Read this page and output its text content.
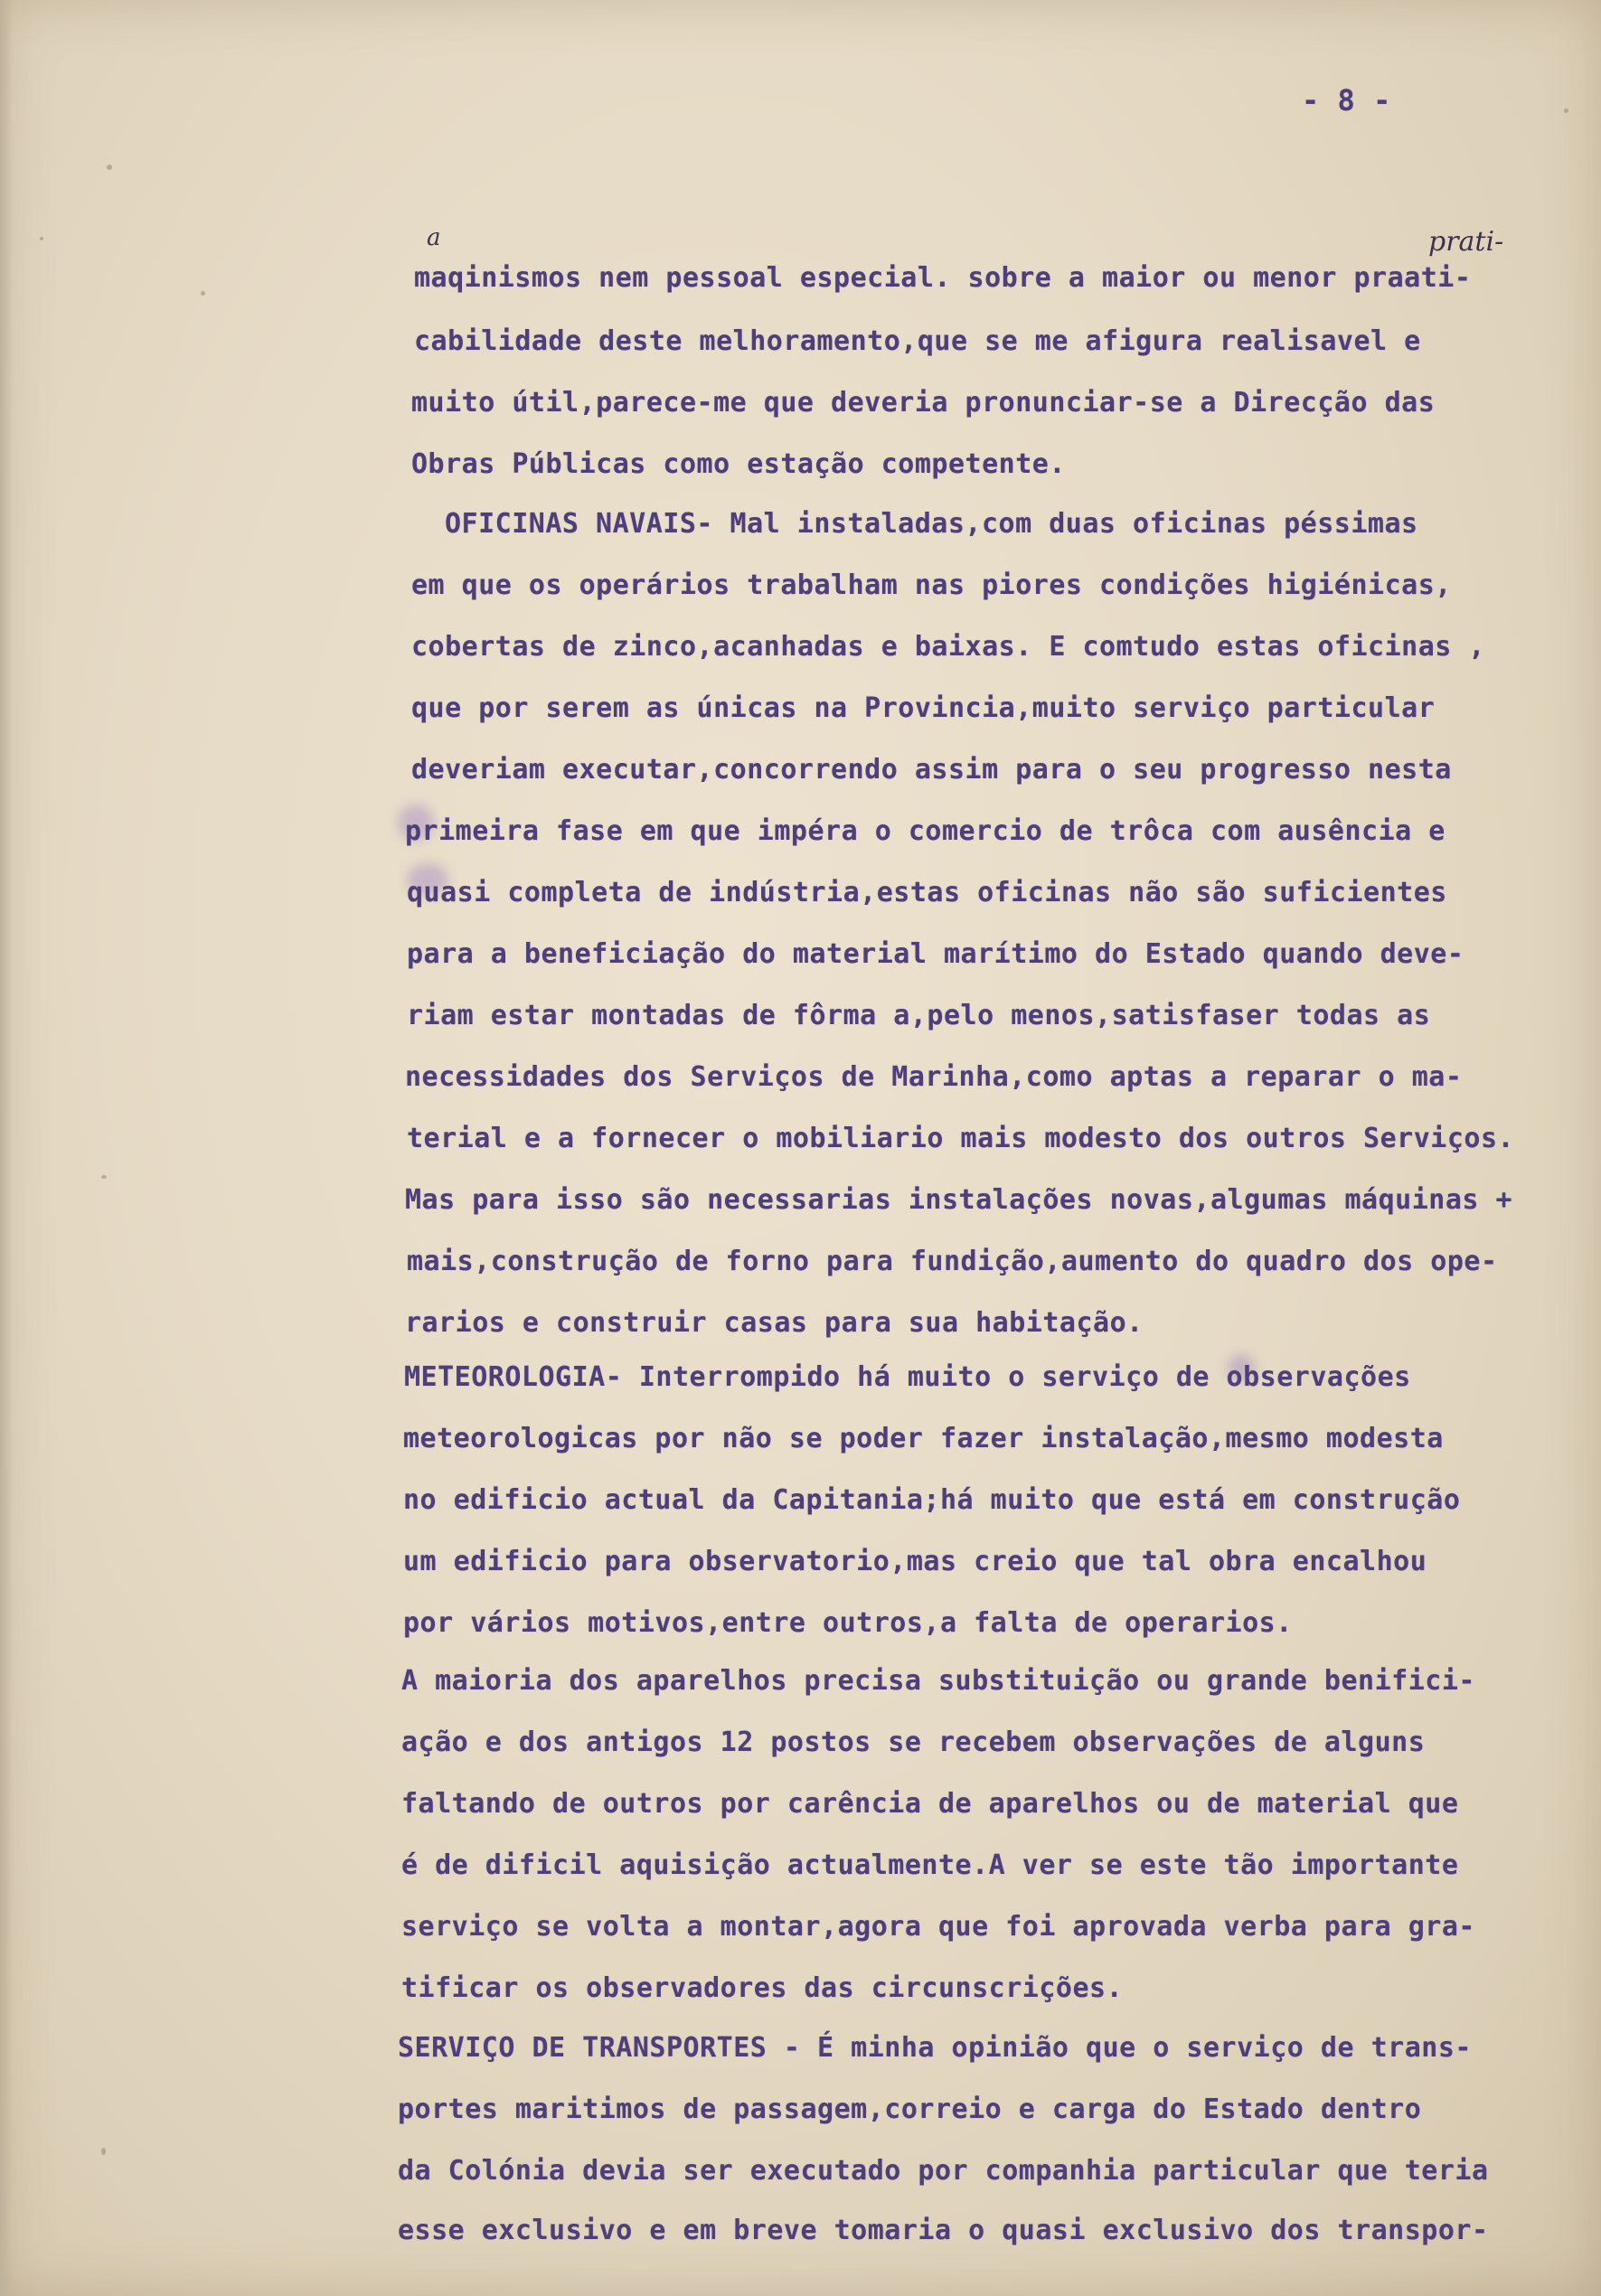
- 8 -
a	prati-
maqinismos nem pessoal especial. sobre a maior ou menor praati-
cabilidade deste melhoramento,que se me afigura realisavel e
muito útil,parece-me que deveria pronunciar-se a Direcção das
Obras Públicas como estação competente.
OFICINAS NAVAIS- Mal instaladas,com duas oficinas péssimas
em que os operários trabalham nas piores condições higiénicas,
cobertas de zinco,acanhadas e baixas. E comtudo estas oficinas ,
que por serem as únicas na Provincia,muito serviço particular
deveriam executar,concorrendo assim para o seu progresso nesta
primeira fase em que impéra o comercio de trôca com ausência e
quasi completa de indústria,estas oficinas não são suficientes
para a beneficiação do material marítimo do Estado quando deve-
riam estar montadas de fôrma a,pelo menos,satisfaser todas as
necessidades dos Serviços de Marinha,como aptas a reparar o ma-
terial e a fornecer o mobiliario mais modesto dos outros Serviços.
Mas para isso são necessarias instalações novas,algumas máquinas +
mais,construção de forno para fundição,aumento do quadro dos ope-
rarios e construir casas para sua habitação.
METEOROLOGIA- Interrompido há muito o serviço de observações
meteorologicas por não se poder fazer instalação,mesmo modesta
no edificio actual da Capitania;há muito que está em construção
um edificio para observatorio,mas creio que tal obra encalhou
por vários motivos,entre outros,a falta de operarios.
A maioria dos aparelhos precisa substituição ou grande benifici-
ação e dos antigos 12 postos se recebem observações de alguns
faltando de outros por carência de aparelhos ou de material que
é de dificil aquisição actualmente.A ver se este tão importante
serviço se volta a montar,agora que foi aprovada verba para gra-
tificar os observadores das circunscrições.
SERVIÇO DE TRANSPORTES - É minha opinião que o serviço de trans-
portes maritimos de passagem,correio e carga do Estado dentro
da Colónia devia ser executado por companhia particular que teria
esse exclusivo e em breve tomaria o quasi exclusivo dos transpor-
